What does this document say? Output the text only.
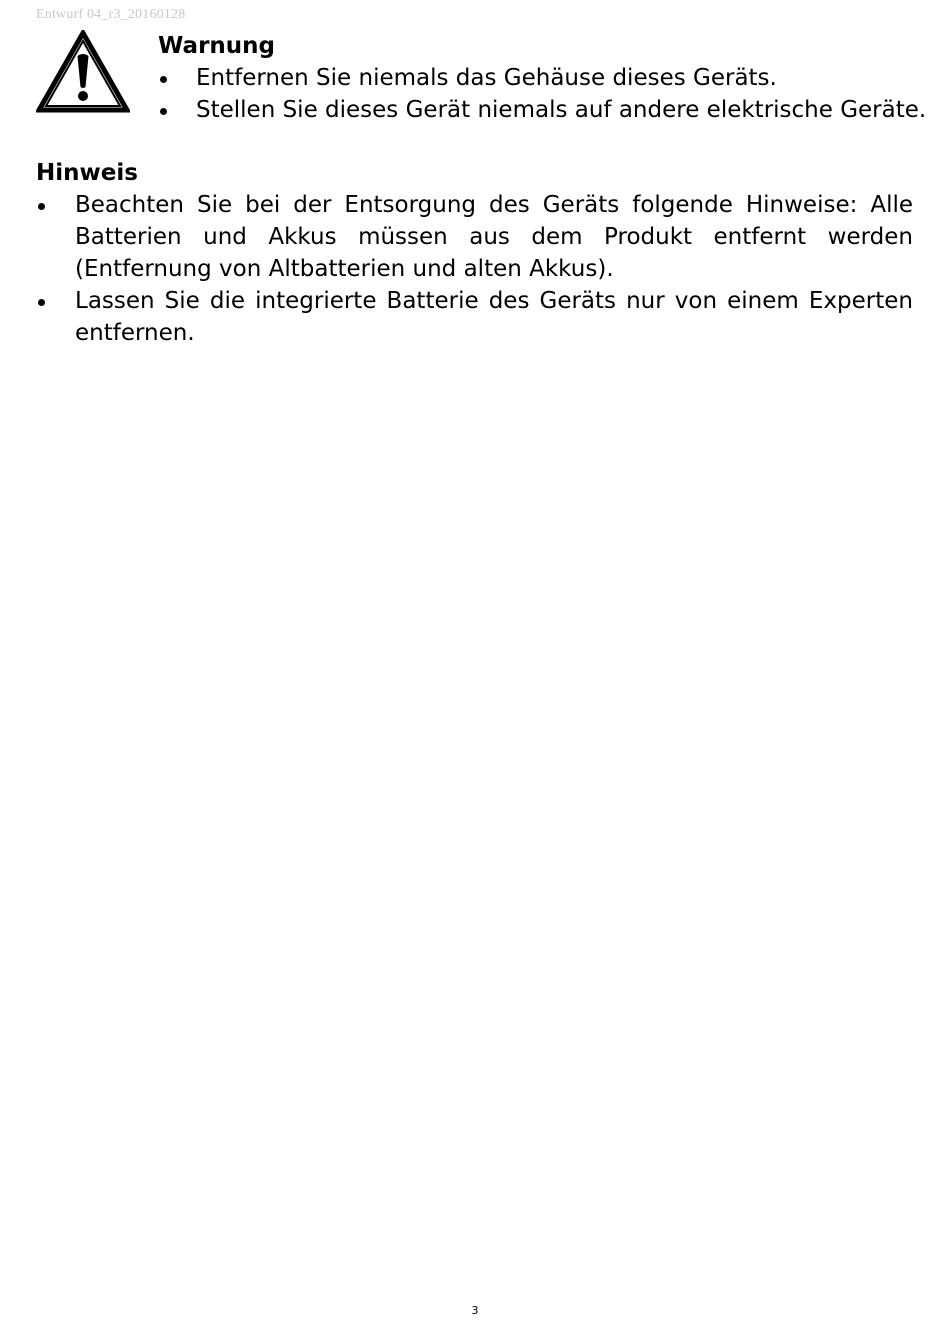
Entwurf 04_r3_20160128
Warnung
Entfernen Sie niemals das Gehäuse dieses Geräts.
Stellen Sie dieses Gerät niemals auf andere elektrische Geräte.
Hinweis
Beachten Sie bei der Entsorgung des Geräts folgende Hinweise: Alle Batterien und Akkus müssen aus dem Produkt entfernt werden (Entfernung von Altbatterien und alten Akkus).
Lassen Sie die integrierte Batterie des Geräts nur von einem Experten entfernen.
3
